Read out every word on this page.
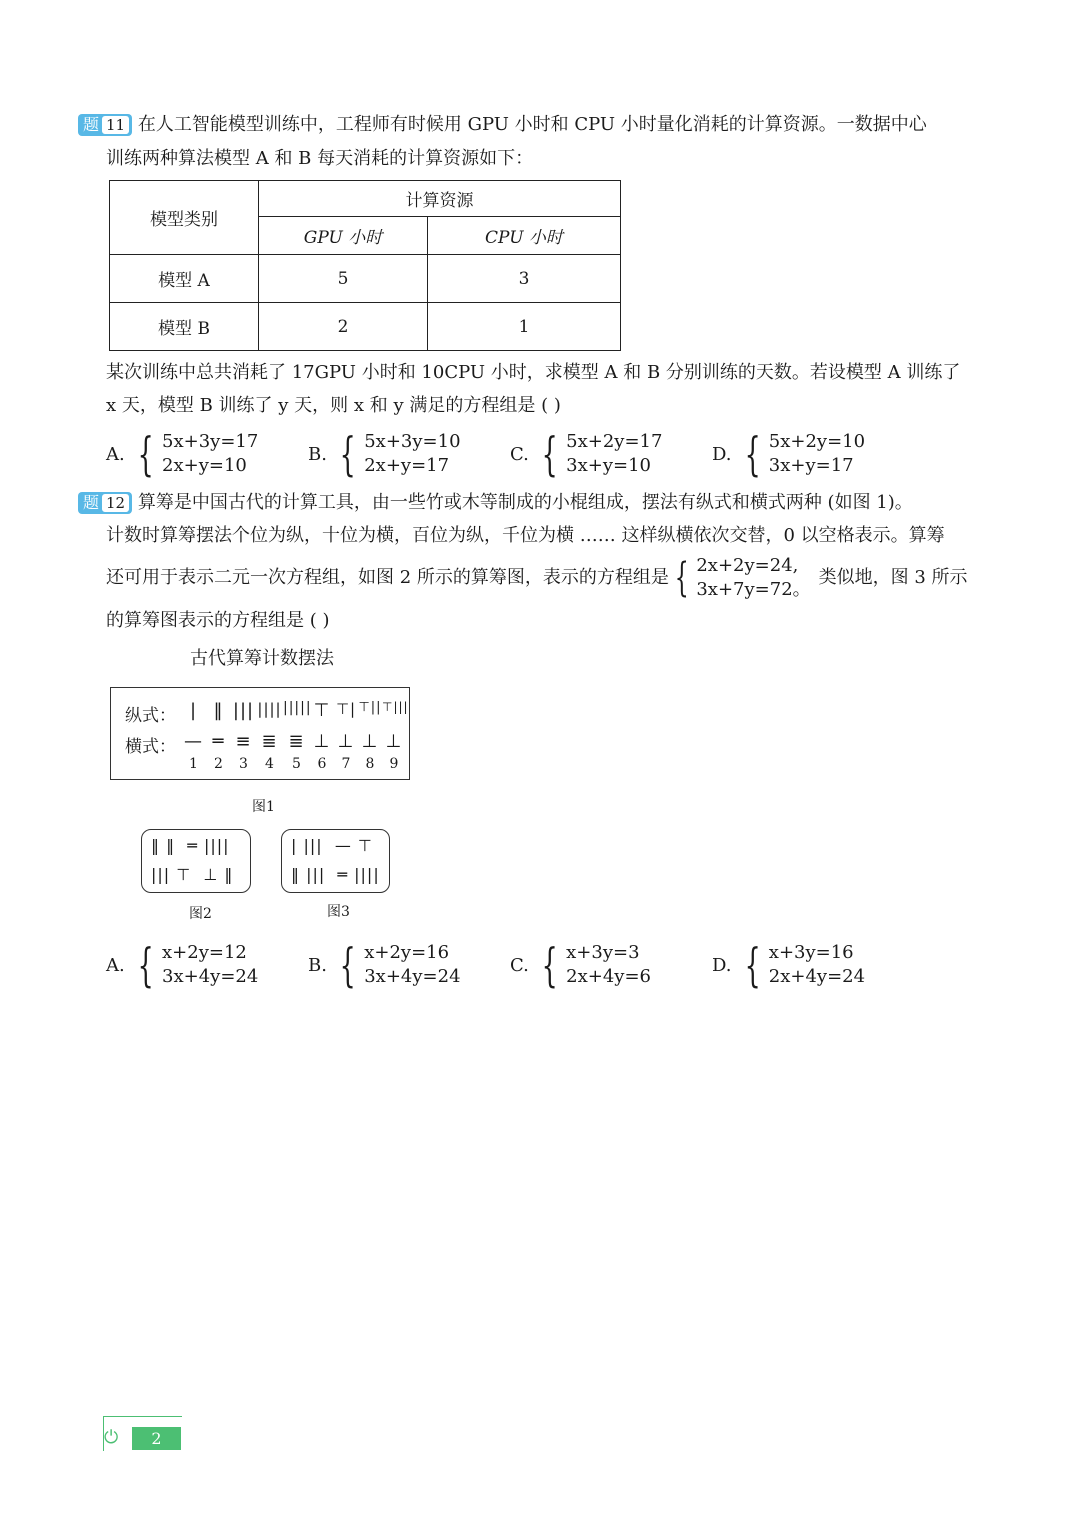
题 11 在人工智能模型训练中，工程师有时候用 GPU 小时和 CPU 小时量化消耗的计算资源。一数据中心
训练两种算法模型 A 和 B 每天消耗的计算资源如下：
模型类别	计算资源	
	GPU 小时	CPU 小时
模型 A	5	3
模型 B	2	1
某次训练中总共消耗了 17GPU 小时和 10CPU 小时，求模型 A 和 B 分别训练的天数。若设模型 A 训练了
x 天，模型 B 训练了 y 天，则 x 和 y 满足的方程组是 ( )
A. { 5x+3y=17
2x+y=10
B. { 5x+3y=10
2x+y=17
C. { 5x+2y=17
3x+y=10
D. { 5x+2y=10
3x+y=17
题 12 算筹是中国古代的计算工具，由一些竹或木等制成的小棍组成，摆法有纵式和横式两种 (如图 1)。
计数时算筹摆法个位为纵，十位为横，百位为纵，千位为横 …… 这样纵横依次交替，0 以空格表示。算筹
还可用于表示二元一次方程组，如图 2 所示的算筹图，表示的方程组是 { 2x+2y=24,
3x+7y=72。
类似地，图 3 所示
的算筹图表示的方程组是 ( )
古代算筹计数摆法
纵式：
横式：
| ‖ ||| |||| ||||| ⊤ ⊤| ⊤|| ⊤|||
— ═ ≡ ≣ ≣ ⊥ ⊥ ⊥ ⊥
1	2	3	4	5	6	7	8	9
图1
‖ ‖  ═ ||||
||| ⊤  ⊥ ‖
图2
| |||  — ⊤
‖ |||  ═ ||||
图3
A. { x+2y=12
3x+4y=24
B. { x+2y=16
3x+4y=24
C. { x+3y=3
2x+4y=6
D. { x+3y=16
2x+4y=24
⏻	2
